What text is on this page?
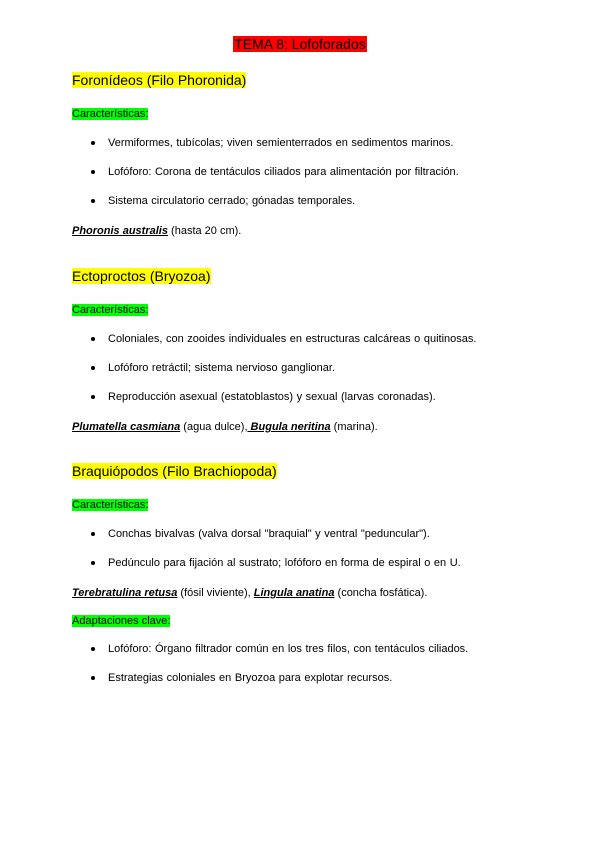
TEMA 8: Lofoforados
Foronídeos (Filo Phoronida)
Características:
Vermiformes, tubícolas; viven semienterrados en sedimentos marinos.
Lofóforo: Corona de tentáculos ciliados para alimentación por filtración.
Sistema circulatorio cerrado; gónadas temporales.
Phoronis australis (hasta 20 cm).
Ectoproctos (Bryozoa)
Características:
Coloniales, con zooides individuales en estructuras calcáreas o quitinosas.
Lofóforo retráctil; sistema nervioso ganglionar.
Reproducción asexual (estatoblastos) y sexual (larvas coronadas).
Plumatella casmiana (agua dulce), Bugula neritina (marina).
Braquiópodos (Filo Brachiopoda)
Características:
Conchas bivalvas (valva dorsal "braquial" y ventral "peduncular").
Pedúnculo para fijación al sustrato; lofóforo en forma de espiral o en U.
Terebratulina retusa (fósil viviente), Lingula anatina (concha fosfática).
Adaptaciones clave:
Lofóforo: Órgano filtrador común en los tres filos, con tentáculos ciliados.
Estrategias coloniales en Bryozoa para explotar recursos.
